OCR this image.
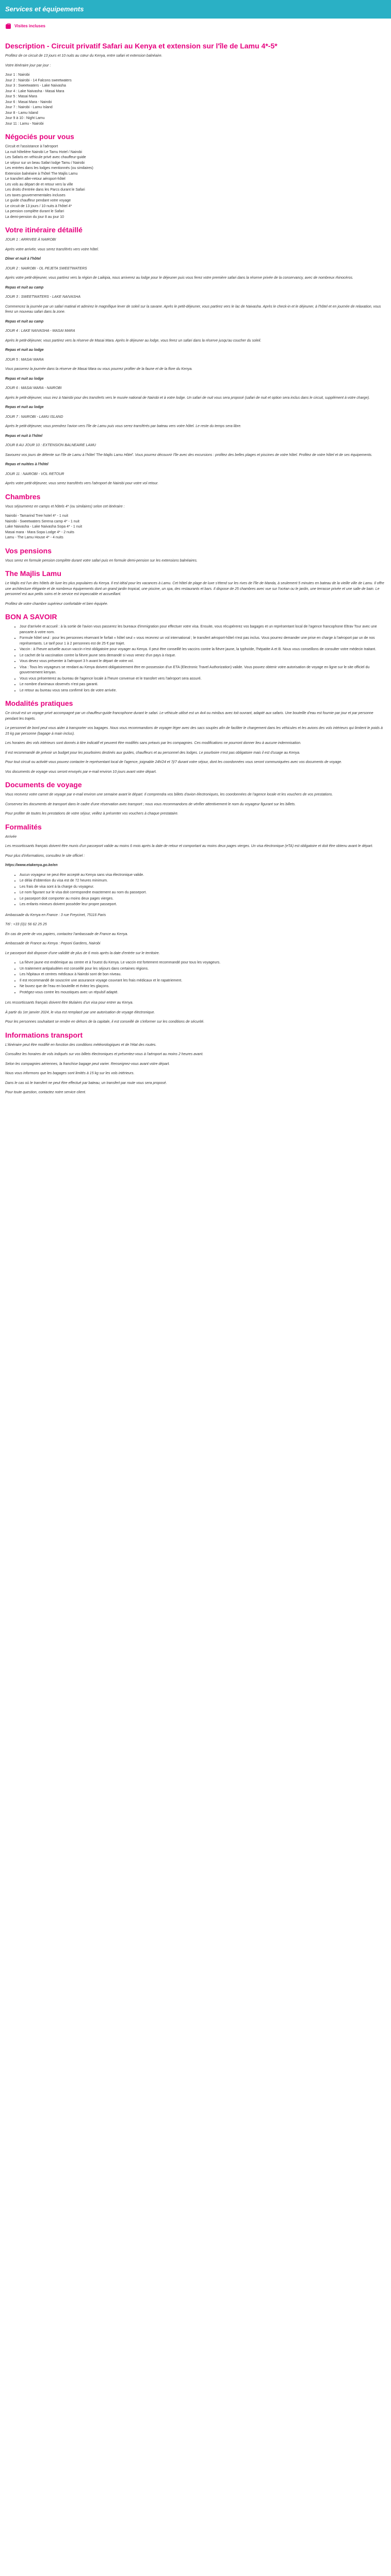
Services et équipements
Visites incluses
Description - Circuit privatif Safari au Kenya et extension sur l'île de Lamu 4*-5*

Profitez de ce circuit de 13 jours et 10 nuits au cœur du Kenya, entre safari et extension balnéaire.

Votre itinéraire jour par jour :

Jour 1 : Nairobi
Jour 2 : Nairobi - 14 Falcons sweetwaters
Jour 3 : Sweetwaters - Lake Naivasha
Jour 4 : Lake Naivasha - Masai Mara
Jour 5 : Masai Mara
Jour 6 : Masai Mara - Nairobi
Jour 7 : Nairobi - Lamu Island
Jour 8 - Lamu Island
Jour 9 à 10 : Night Lamu
Jour 11 : Lamu - Nairobi
Négociés pour vous
Circuit et l'assistance à l'aéroport
La nuit hôtelière Nairobi Le Tamu Hotel / Nairobi
Les Safaris en véhicule privé avec chauffeur-guide
Le séjour sur un beau Safari lodge Tamu / Nairobi
Les entrées dans les lodges mentionnés (ou similaires)
Extension balnéaire à l'hôtel The Majlis Lamu
Le transfert aller-retour aéroport-hôtel
Les vols au départ de et retour vers la ville
Les droits d'entrée dans les Parcs durant le Safari
Les taxes gouvernementales incluses
Le guide chauffeur pendant votre voyage
Le circuit de 13 jours / 10 nuits à l'hôtel 4*
La pension complète durant le Safari
La demi-pension du jour 8 au jour 10
Votre itinéraire détaillé

JOUR 1 : ARRIVEE À NAIROBI

Après votre arrivée, vous serez transférés vers votre hôtel.

Dîner et nuit à l'hôtel

JOUR 2 : NAIROBI - OL PEJETA SWEETWATERS

Après votre petit-déjeuner, vous partirez vers la région de Laikipia, nous arriverez au lodge pour le déjeuner puis vous ferez votre première safari dans la réserve privée de la conservancy, avec de nombreux rhinocéros.

Repas et nuit au camp

JOUR 3 : SWEETWATERS - LAKE NAIVASHA

Commencez la journée par un safari matinal et admirez le magnifique lever de soleil sur la savane. Après le petit-déjeuner, vous partirez vers le lac de Naivasha. Après le check-in et le déjeuner, à l'hôtel et en journée de relaxation, vous ferez un nouveau safari dans la zone.

Repas et nuit au camp

JOUR 4 : LAKE NAIVASHA - MASAI MARA

Après le petit-déjeuner, vous partirez vers la réserve de Masai Mara. Après le déjeuner au lodge, vous ferez un safari dans la réserve jusqu'au coucher du soleil.

Repas et nuit au lodge

JOUR 5 : MASAI MARA

Vous passerez la journée dans la réserve de Masai Mara ou vous pourrez profiter de la faune et de la flore du Kenya.

Repas et nuit au lodge

JOUR 6 : MASAI MARA - NAIROBI

Après le petit-déjeuner, vous irez à Nairobi pour des transferts vers le musée national de Nairobi et à votre lodge. Un safari de nuit vous sera proposé (safari de nuit et option sera inclus dans le circuit, supplément à votre charge).

Repas et nuit au lodge

JOUR 7 : NAIROBI - LAMU ISLAND

Après le petit-déjeuner, vous prendrez l'avion vers l'île de Lamu puis vous serez transférés par bateau vers votre hôtel. Le reste du temps sera libre.

Repas et nuit à l'hôtel

JOUR 8 AU JOUR 10 : EXTENSION BALNEAIRE LAMU

Savourez vos jours de détente sur l'île de Lamu à l'hôtel 'The Majlis Lamu Hôtel'. Vous pourrez découvrir l'île avec des excursions : profitez des belles plages et piscines de votre hôtel. Profitez de votre hôtel et de ses équipements.

Repas et nuitées à l'hôtel

JOUR 11 : NAIROBI - VOL RETOUR

Après votre petit-déjeuner, vous serez transférés vers l'aéroport de Nairobi pour votre vol retour.

Chambres

Vous séjournerez en camps et hôtels 4* (ou similaires) selon cet itinéraire :

Nairobi - Tamarind Tree hotel 4* - 1 nuit
Nairobi - Sweetwaters Serena camp 4* - 1 nuit
Lake Naivasha - Lake Naivasha Sopa 4* - 1 nuit
Masai mara - Mara Sopa Lodge 4* - 2 nuits
Lamu - The Lamu House 4* - 4 nuits
Vos pensions

Vous serez en formule pension complète durant votre safari puis en formule demi-pension sur les extensions balnéaires.

The Majlis Lamu

Le Majlis est l'un des hôtels de luxe les plus populaires du Kenya. Il est idéal pour les vacances à Lamu. Cet hôtel de plage de luxe s'étend sur les rives de l'île de Manda, à seulement 5 minutes en bateau de la vieille ville de Lamu. Il offre une architecture élégante et de nombreux équipements dont un grand jardin tropical, une piscine, un spa, des restaurants et bars. Il dispose de 25 chambres avec vue sur l'océan ou le jardin, une terrasse privée et une salle de bain. Le personnel est aux petits soins et le service est impeccable et accueillant.

Profitez de votre chambre supérieur confortable et bien équipée.

BON A SAVOIR
• Jour d'arrivée et accueil : à la sortie de l'avion vous passerez les bureaux d'immigration pour effectuer votre visa. Ensuite, vous récupérerez vos bagages et un représentant local de l'agence francophone Eltrav Tour avec une pancarte à votre nom.
• Formule hôtel seul : pour les personnes réservant le forfait « hôtel seul » vous recevrez un vol international ; le transfert aéroport-hôtel n'est pas inclus. Vous pourrez demander une prise en charge à l'aéroport par un de nos représentants. Le tarif pour 1 à 2 personnes est de 25 € par trajet.
• Vaccin : à l'heure actuelle aucun vaccin n'est obligatoire pour voyager au Kenya. Il peut être conseillé les vaccins contre la fièvre jaune, la typhoïde, l'hépatite A et B. Nous vous conseillons de consulter votre médecin traitant.
• Le cachet de la vaccination contre la fièvre jaune sera demandé si vous venez d'un pays à risque.
• Vous devez vous présenter à l'aéroport 3 h avant le départ de votre vol.
• Visa : Tous les voyageurs se rendant au Kenya doivent obligatoirement être en possession d'un ETA (Electronic Travel Authorization) valide. Vous pouvez obtenir votre autorisation de voyage en ligne sur le site officiel du gouvernement kenyan.
• Vous vous présenterez au bureau de l'agence locale à l'heure convenue et le transfert vers l'aéroport sera assuré.
• Le nombre d'animaux observés n'est pas garanti.
• Le retour au bureau vous sera confirmé lors de votre arrivée.
Modalités pratiques

Ce circuit est un voyage privé accompagné par un chauffeur-guide francophone durant le safari. Le véhicule utilisé est un 4x4 ou minibus avec toit ouvrant, adapté aux safaris. Une bouteille d'eau est fournie par jour et par personne pendant les trajets.

Le personnel de bord peut vous aider à transporter vos bagages. Nous vous recommandons de voyager léger avec des sacs souples afin de faciliter le chargement dans les véhicules et les avions des vols intérieurs qui limitent le poids à 15 kg par personne (bagage à main inclus).

Les horaires des vols intérieurs sont donnés à titre indicatif et peuvent être modifiés sans préavis par les compagnies. Ces modifications ne pourront donner lieu à aucune indemnisation.

Il est recommandé de prévoir un budget pour les pourboires destinés aux guides, chauffeurs et au personnel des lodges. Le pourboire n'est pas obligatoire mais il est d'usage au Kenya.

Pour tout circuit ou activité vous pouvez contacter le représentant local de l'agence, joignable 24h/24 et 7j/7 durant votre séjour, dont les coordonnées vous seront communiquées avec vos documents de voyage.

Vos documents de voyage vous seront envoyés par e-mail environ 10 jours avant votre départ.

Documents de voyage

Vous recevrez votre carnet de voyage par e-mail environ une semaine avant le départ. Il comprendra vos billets d'avion électroniques, les coordonnées de l'agence locale et les vouchers de vos prestations.

Conservez les documents de transport dans le cadre d'une réservation avec transport ; nous vous recommandons de vérifier attentivement le nom du voyageur figurant sur les billets.

Pour profiter de toutes les prestations de votre séjour, veillez à présenter vos vouchers à chaque prestataire.

Formalités

Arrivée

Les ressortissants français doivent être munis d'un passeport valide au moins 6 mois après la date de retour et comportant au moins deux pages vierges. Un visa électronique (eTA) est obligatoire et doit être obtenu avant le départ.

Pour plus d'informations, consultez le site officiel :

https://www.etakenya.go.ke/en

• Aucun voyageur ne peut être accepté au Kenya sans visa électronique valide.
• Le délai d'obtention du visa est de 72 heures minimum.
• Les frais de visa sont à la charge du voyageur.
• Le nom figurant sur le visa doit correspondre exactement au nom du passeport.
• Le passeport doit comporter au moins deux pages vierges.
• Les enfants mineurs doivent posséder leur propre passeport.

Ambassade du Kenya en France : 3 rue Freycinet, 75116 Paris

Tél : +33 (0)1 56 62 25 25

En cas de perte de vos papiers, contactez l'ambassade de France au Kenya.

Ambassade de France au Kenya : Peponi Gardens, Nairobi

Le passeport doit disposer d'une validité de plus de 6 mois après la date d'entrée sur le territoire.

• La fièvre jaune est endémique au centre et à l'ouest du Kenya. Le vaccin est fortement recommandé pour tous les voyageurs.
• Un traitement antipaludéen est conseillé pour les séjours dans certaines régions.
• Les hôpitaux et centres médicaux à Nairobi sont de bon niveau.
• Il est recommandé de souscrire une assurance voyage couvrant les frais médicaux et le rapatriement.
• Ne buvez que de l'eau en bouteille et évitez les glaçons.
• Protégez-vous contre les moustiques avec un répulsif adapté.

Les ressortissants français doivent être titulaires d'un visa pour entrer au Kenya.

À partir du 1er janvier 2024, le visa est remplacé par une autorisation de voyage électronique.

Pour les personnes souhaitant se rendre en dehors de la capitale, il est conseillé de s'informer sur les conditions de sécurité.

Informations transport

L'itinéraire peut être modifié en fonction des conditions météorologiques et de l'état des routes.

Consultez les horaires de vols indiqués sur vos billets électroniques et présentez-vous à l'aéroport au moins 2 heures avant.

Selon les compagnies aériennes, la franchise bagage peut varier. Renseignez-vous avant votre départ.

Nous vous informons que les bagages sont limités à 15 kg sur les vols intérieurs.

Dans le cas où le transfert ne peut être effectué par bateau, un transfert par route vous sera proposé.

Pour toute question, contactez notre service client.
